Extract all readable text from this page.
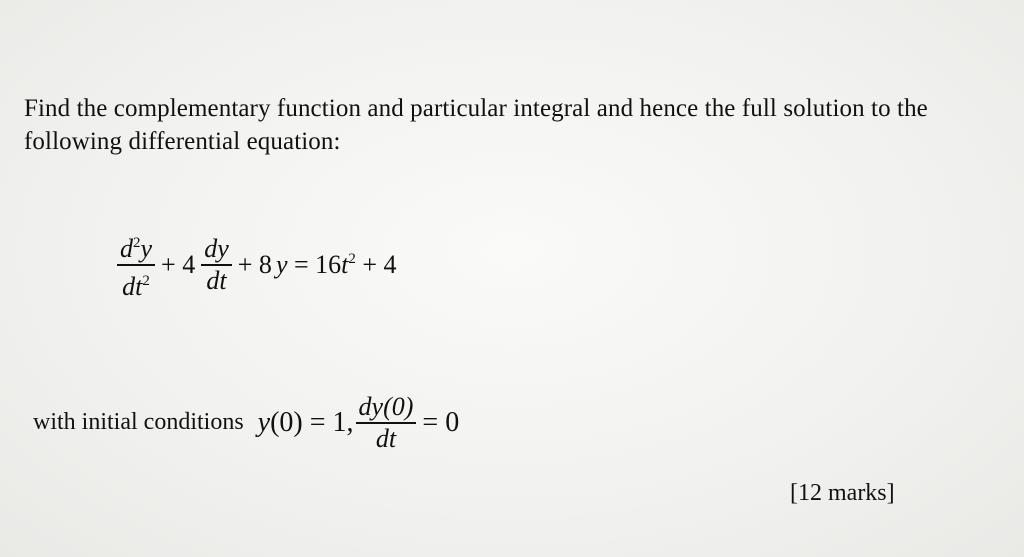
Find the complementary function and particular integral and hence the full solution to the following differential equation:
$\frac{d^2y}{dt^2} + 4 \frac{dy}{dt} + 8$ $y = 16t^2 + 4$
with initial conditions y (0) = 1, $\frac{dy(0)}{dt} = 0$
[12 marks]
